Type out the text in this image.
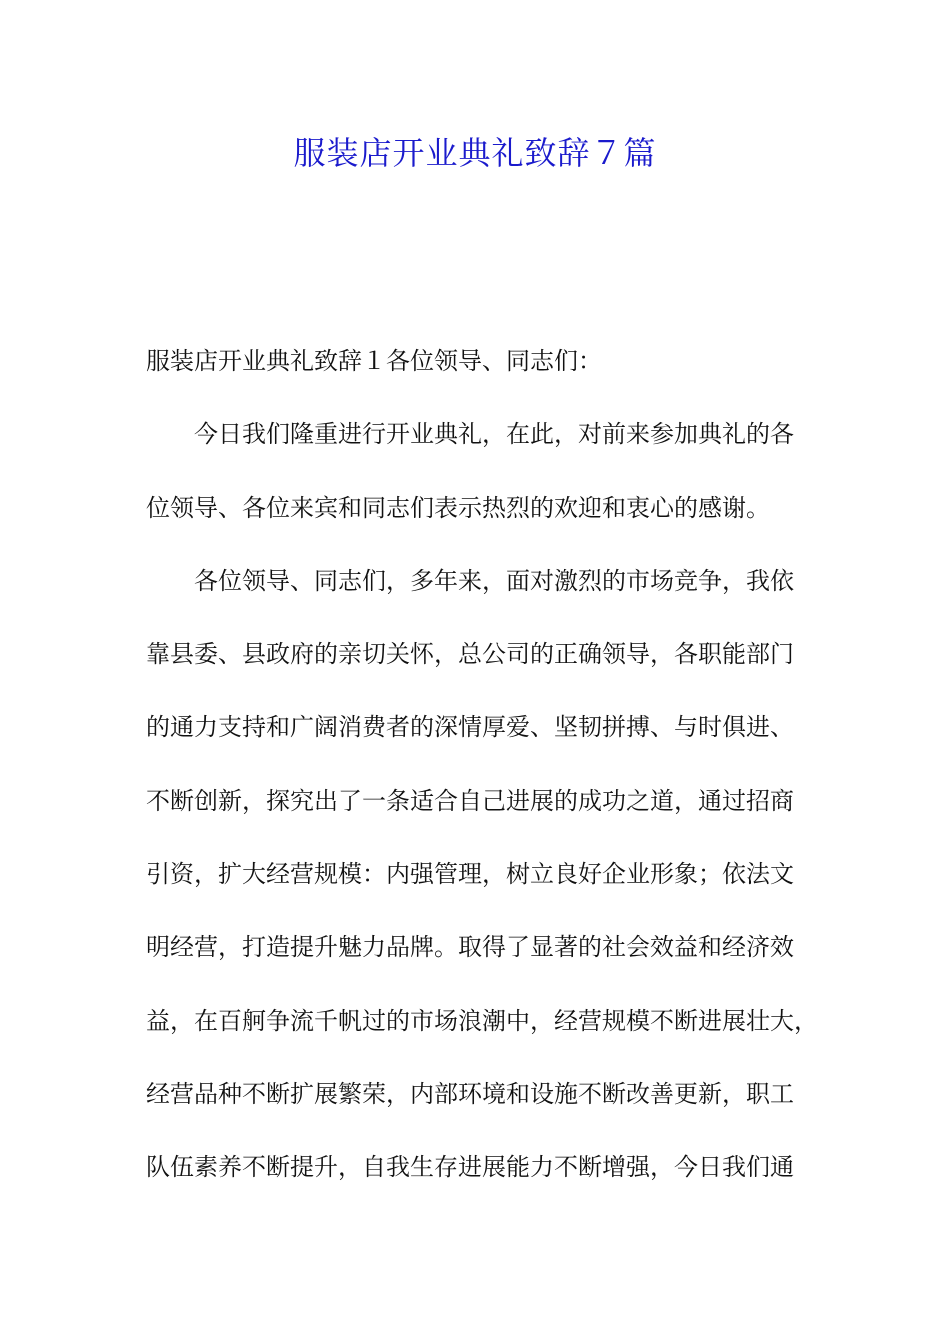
服装店开业典礼致辞７篇
服装店开业典礼致辞１各位领导、同志们：
今日我们隆重进行开业典礼，在此，对前来参加典礼的各
位领导、各位来宾和同志们表示热烈的欢迎和衷心的感谢。
各位领导、同志们，多年来，面对激烈的市场竞争，我依
靠县委、县政府的亲切关怀，总公司的正确领导，各职能部门
的通力支持和广阔消费者的深情厚爱、坚韧拼搏、与时俱进、
不断创新，探究出了一条适合自己进展的成功之道，通过招商
引资，扩大经营规模：内强管理，树立良好企业形象；依法文
明经营，打造提升魅力品牌。取得了显著的社会效益和经济效
益，在百舸争流千帆过的市场浪潮中，经营规模不断进展壮大，
经营品种不断扩展繁荣，内部环境和设施不断改善更新，职工
队伍素养不断提升，自我生存进展能力不断增强，今日我们通
